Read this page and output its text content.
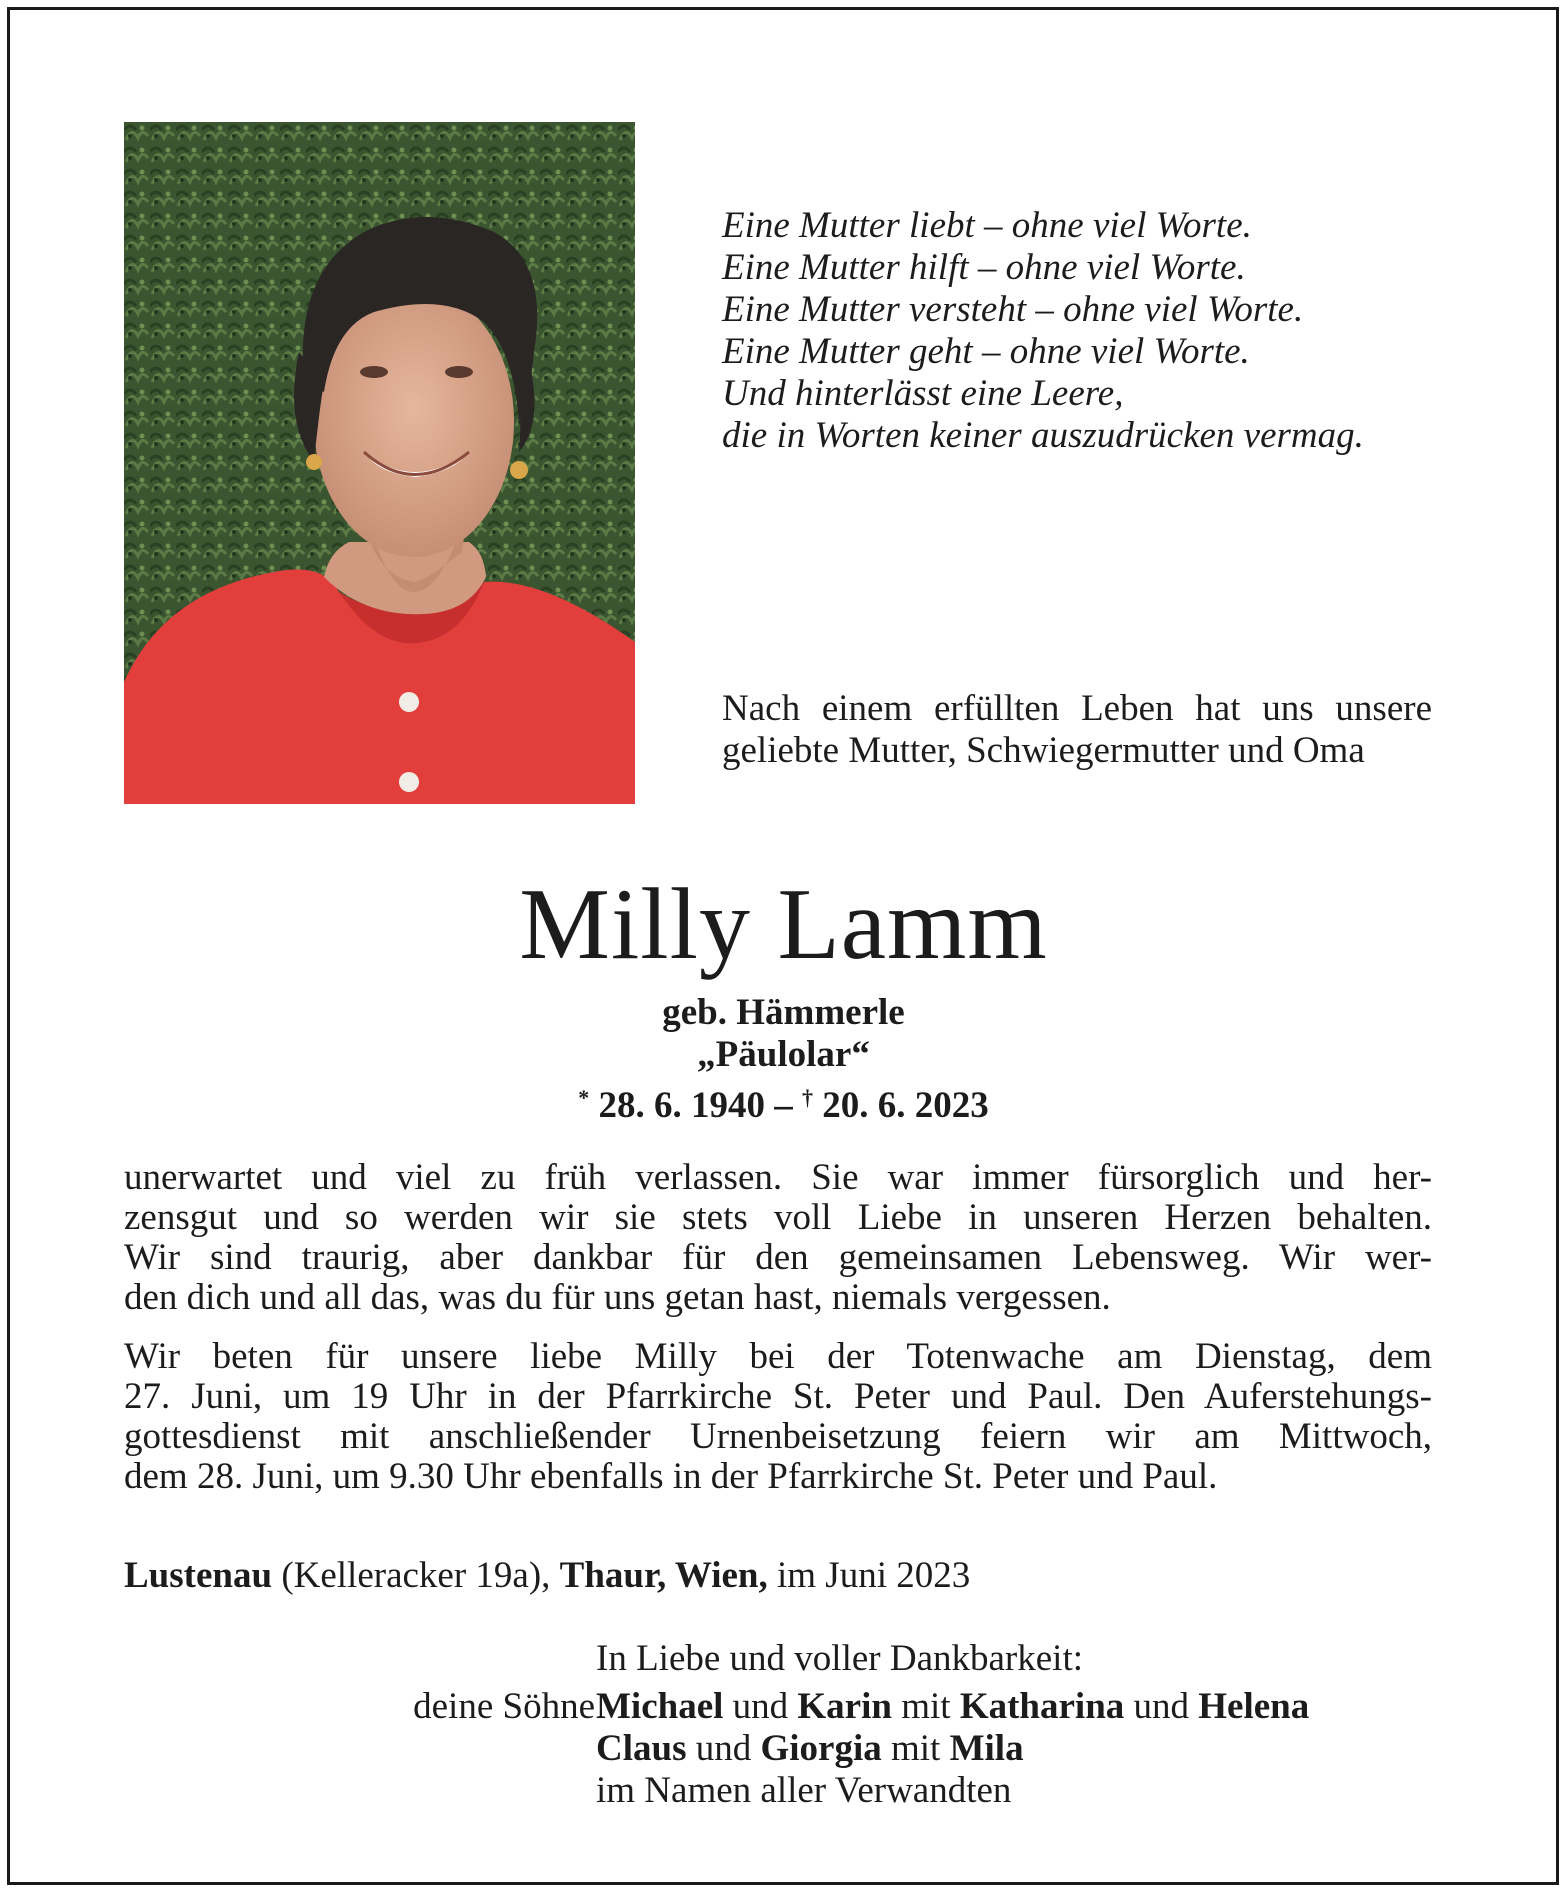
Eine Mutter liebt – ohne viel Worte.
Eine Mutter hilft – ohne viel Worte.
Eine Mutter versteht – ohne viel Worte.
Eine Mutter geht – ohne viel Worte.
Und hinterlässt eine Leere,
die in Worten keiner auszudrücken vermag.
Nach einem erfüllten Leben hat uns unsere geliebte Mutter, Schwiegermutter und Oma
Milly Lamm
geb. Hämmerle
„Päulolar“
* 28. 6. 1940 – † 20. 6. 2023
unerwartet und viel zu früh verlassen. Sie war immer fürsorglich und her-
zensgut und so werden wir sie stets voll Liebe in unseren Herzen behalten.
Wir sind traurig, aber dankbar für den gemeinsamen Lebensweg. Wir wer-
den dich und all das, was du für uns getan hast, niemals vergessen.
Wir beten für unsere liebe Milly bei der Totenwache am Dienstag, dem
27. Juni, um 19 Uhr in der Pfarrkirche St. Peter und Paul. Den Auferstehungs-
gottesdienst mit anschließender Urnenbeisetzung feiern wir am Mittwoch,
dem 28. Juni, um 9.30 Uhr ebenfalls in der Pfarrkirche St. Peter und Paul.
Lustenau (Kelleracker 19a), Thaur, Wien, im Juni 2023
In Liebe und voller Dankbarkeit:
deine Söhne Michael und Karin mit Katharina und Helena
Claus und Giorgia mit Mila
im Namen aller Verwandten
